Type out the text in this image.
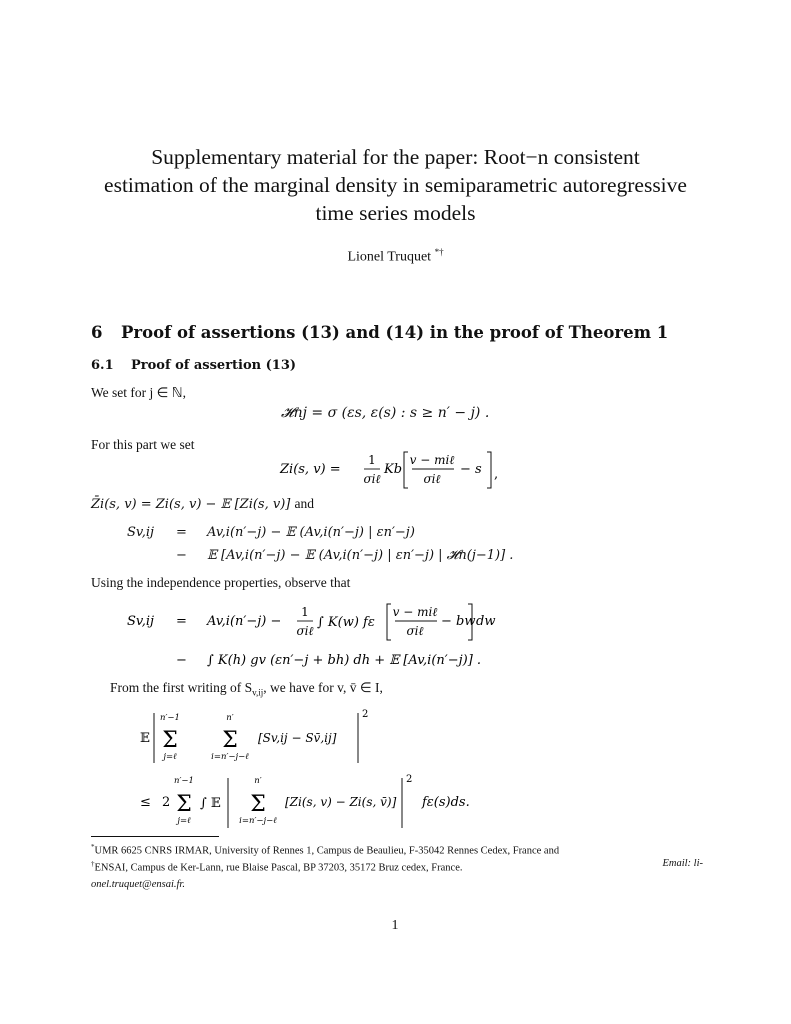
Supplementary material for the paper: Root−n consistent
estimation of the marginal density in semiparametric autoregressive
time series models
Lionel Truquet *†
6 Proof of assertions (13) and (14) in the proof of Theorem 1
6.1 Proof of assertion (13)
We set for j ∈ ℕ,
𝓗nj = σ (εs, ε(s) : s ≥ n′ − j) .
For this part we set
Zi(s, v) =
1
σiℓ
Kb
v − miℓ
σiℓ
− s ,
Z̄i(s, v) = Zi(s, v) − 𝔼 [Zi(s, v)] and
Sv,ij = Av,i(n′−j) − 𝔼 (Av,i(n′−j) | εn′−j)
− 𝔼 [Av,i(n′−j) − 𝔼 (Av,i(n′−j) | εn′−j) | 𝓗n(j−1)] .
Using the independence properties, observe that
Sv,ij = Av,i(n′−j) −
1
σiℓ
∫ K(w) fε
v − miℓ
σiℓ
− bw dw
− ∫ K(h) gv (εn′−j + bh) dh + 𝔼 [Av,i(n′−j)] .
From the first writing of $S_{v,ij}$, we have for v, v̄ ∈ I,
𝔼
n′−1
Σ
j=ℓ
n′
Σ
i=n′−j−ℓ
[Sv,ij − Sv̄,ij]
2
≤ 2
n′−1
Σ
j=ℓ
∫ 𝔼
n′
Σ
i=n′−j−ℓ
[Zi(s, v) − Zi(s, v̄)]
2
fε(s)ds.
*UMR 6625 CNRS IRMAR, University of Rennes 1, Campus de Beaulieu, F-35042 Rennes Cedex, France and
†ENSAI, Campus de Ker-Lann, rue Blaise Pascal, BP 37203, 35172 Bruz cedex, France.	Email: li-

onel.truquet@ensai.fr.
1
